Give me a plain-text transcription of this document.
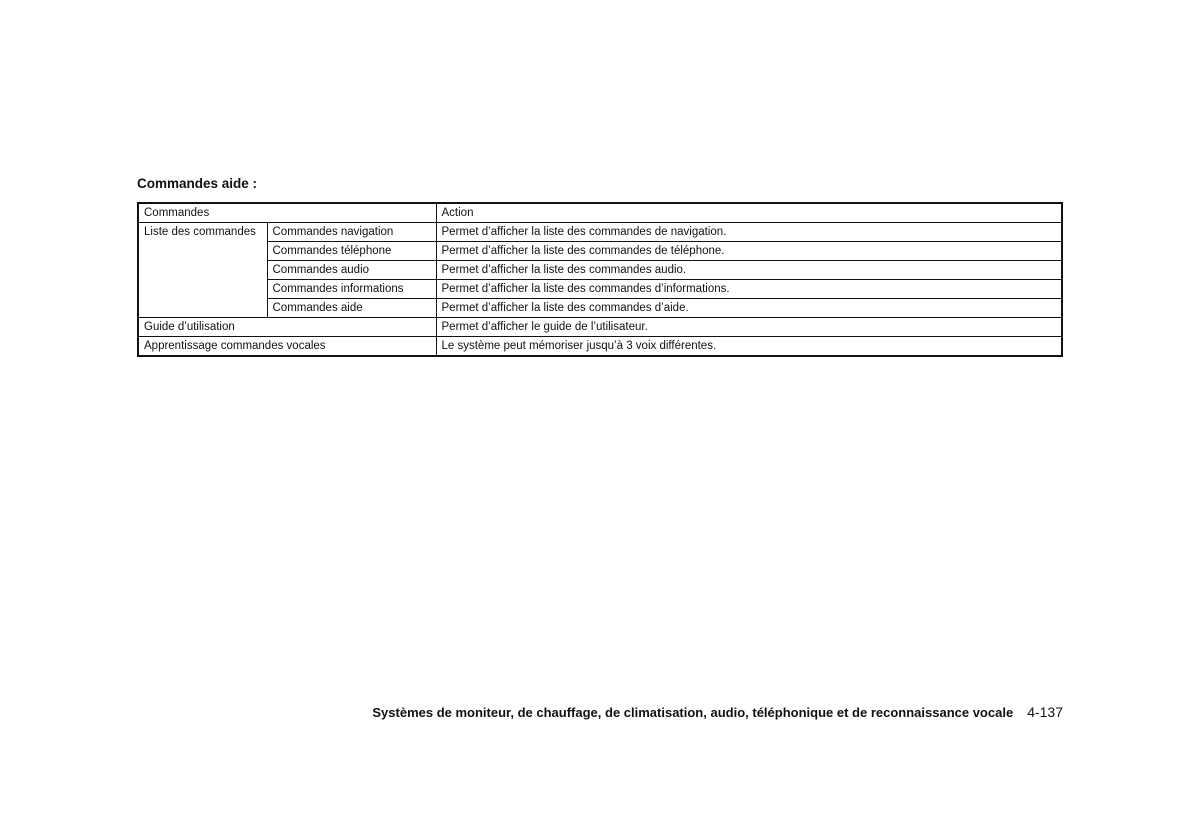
Commandes aide :
Commandes		Action
Liste des commandes	Commandes navigation	Permet d’afficher la liste des commandes de navigation.
	Commandes téléphone	Permet d’afficher la liste des commandes de téléphone.
	Commandes audio	Permet d’afficher la liste des commandes audio.
	Commandes informations	Permet d’afficher la liste des commandes d’informations.
	Commandes aide	Permet d’afficher la liste des commandes d’aide.
Guide d’utilisation		Permet d’afficher le guide de l’utilisateur.
Apprentissage commandes vocales		Le système peut mémoriser jusqu’à 3 voix différentes.
Systèmes de moniteur, de chauffage, de climatisation, audio, téléphonique et de reconnaissance vocale 4-137
